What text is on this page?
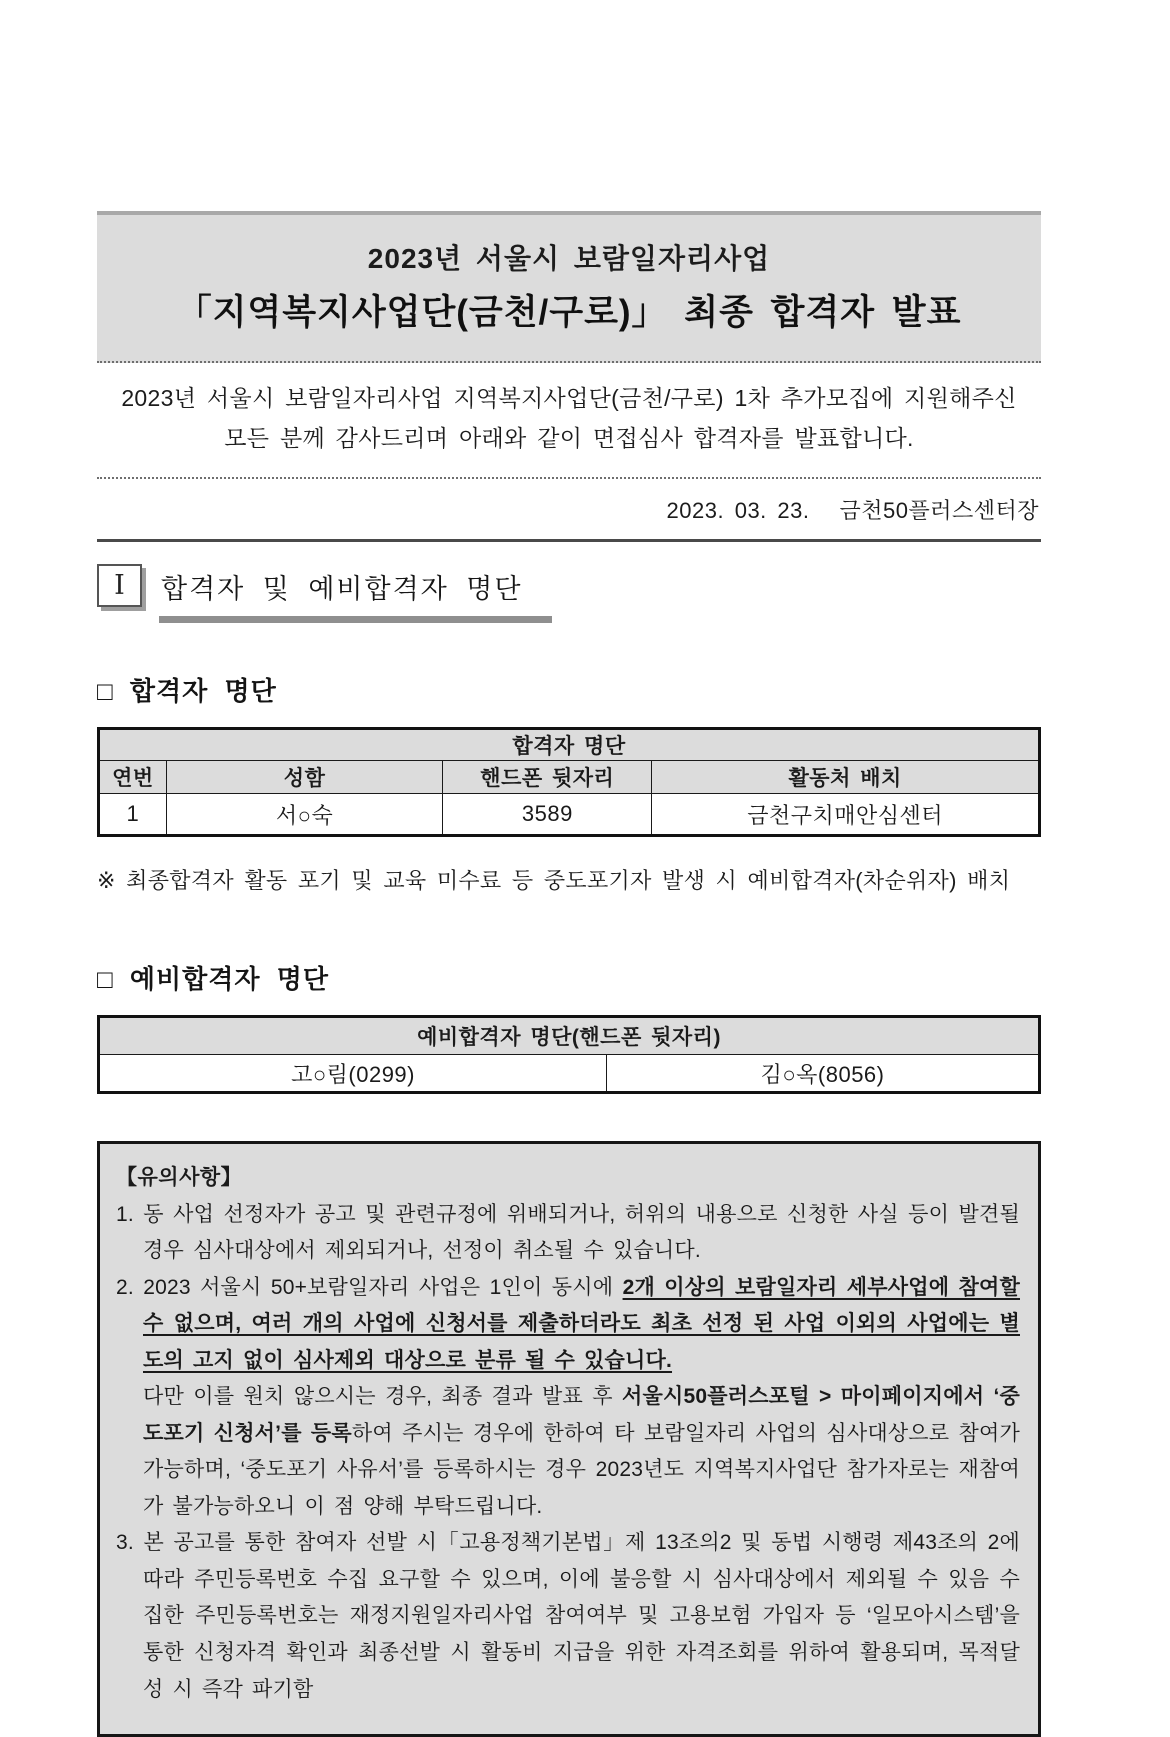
2023년 서울시 보람일자리사업
「지역복지사업단(금천/구로)」 최종 합격자 발표
2023년 서울시 보람일자리사업 지역복지사업단(금천/구로) 1차 추가모집에 지원해주신
모든 분께 감사드리며 아래와 같이 면접심사 합격자를 발표합니다.
2023. 03. 23. 금천50플러스센터장
Ⅰ 합격자 및 예비합격자 명단
□ 합격자 명단
합격자 명단			
연번	성함	핸드폰 뒷자리	활동처 배치
1	서○숙	3589	금천구치매안심센터
※ 최종합격자 활동 포기 및 교육 미수료 등 중도포기자 발생 시 예비합격자(차순위자) 배치
□ 예비합격자 명단
예비합격자 명단(핸드폰 뒷자리)
고○림(0299)	김○옥(8056)
【유의사항】
1. 동 사업 선정자가 공고 및 관련규정에 위배되거나, 허위의 내용으로 신청한 사실 등이 발견될 경우 심사대상에서 제외되거나, 선정이 취소될 수 있습니다.
2. 2023 서울시 50+보람일자리 사업은 1인이 동시에 2개 이상의 보람일자리 세부사업에 참여할 수 없으며, 여러 개의 사업에 신청서를 제출하더라도 최초 선정 된 사업 이외의 사업에는 별도의 고지 없이 심사제외 대상으로 분류 될 수 있습니다.
다만 이를 원치 않으시는 경우, 최종 결과 발표 후 서울시50플러스포털 > 마이페이지에서 ‘중도포기 신청서’를 등록하여 주시는 경우에 한하여 타 보람일자리 사업의 심사대상으로 참여가 가능하며, ‘중도포기 사유서’를 등록하시는 경우 2023년도 지역복지사업단 참가자로는 재참여가 불가능하오니 이 점 양해 부탁드립니다.
3. 본 공고를 통한 참여자 선발 시「고용정책기본법」제 13조의2 및 동법 시행령 제43조의 2에 따라 주민등록번호 수집 요구할 수 있으며, 이에 불응할 시 심사대상에서 제외될 수 있음 수집한 주민등록번호는 재정지원일자리사업 참여여부 및 고용보험 가입자 등 ‘일모아시스템’을 통한 신청자격 확인과 최종선발 시 활동비 지급을 위한 자격조회를 위하여 활용되며, 목적달성 시 즉각 파기함
